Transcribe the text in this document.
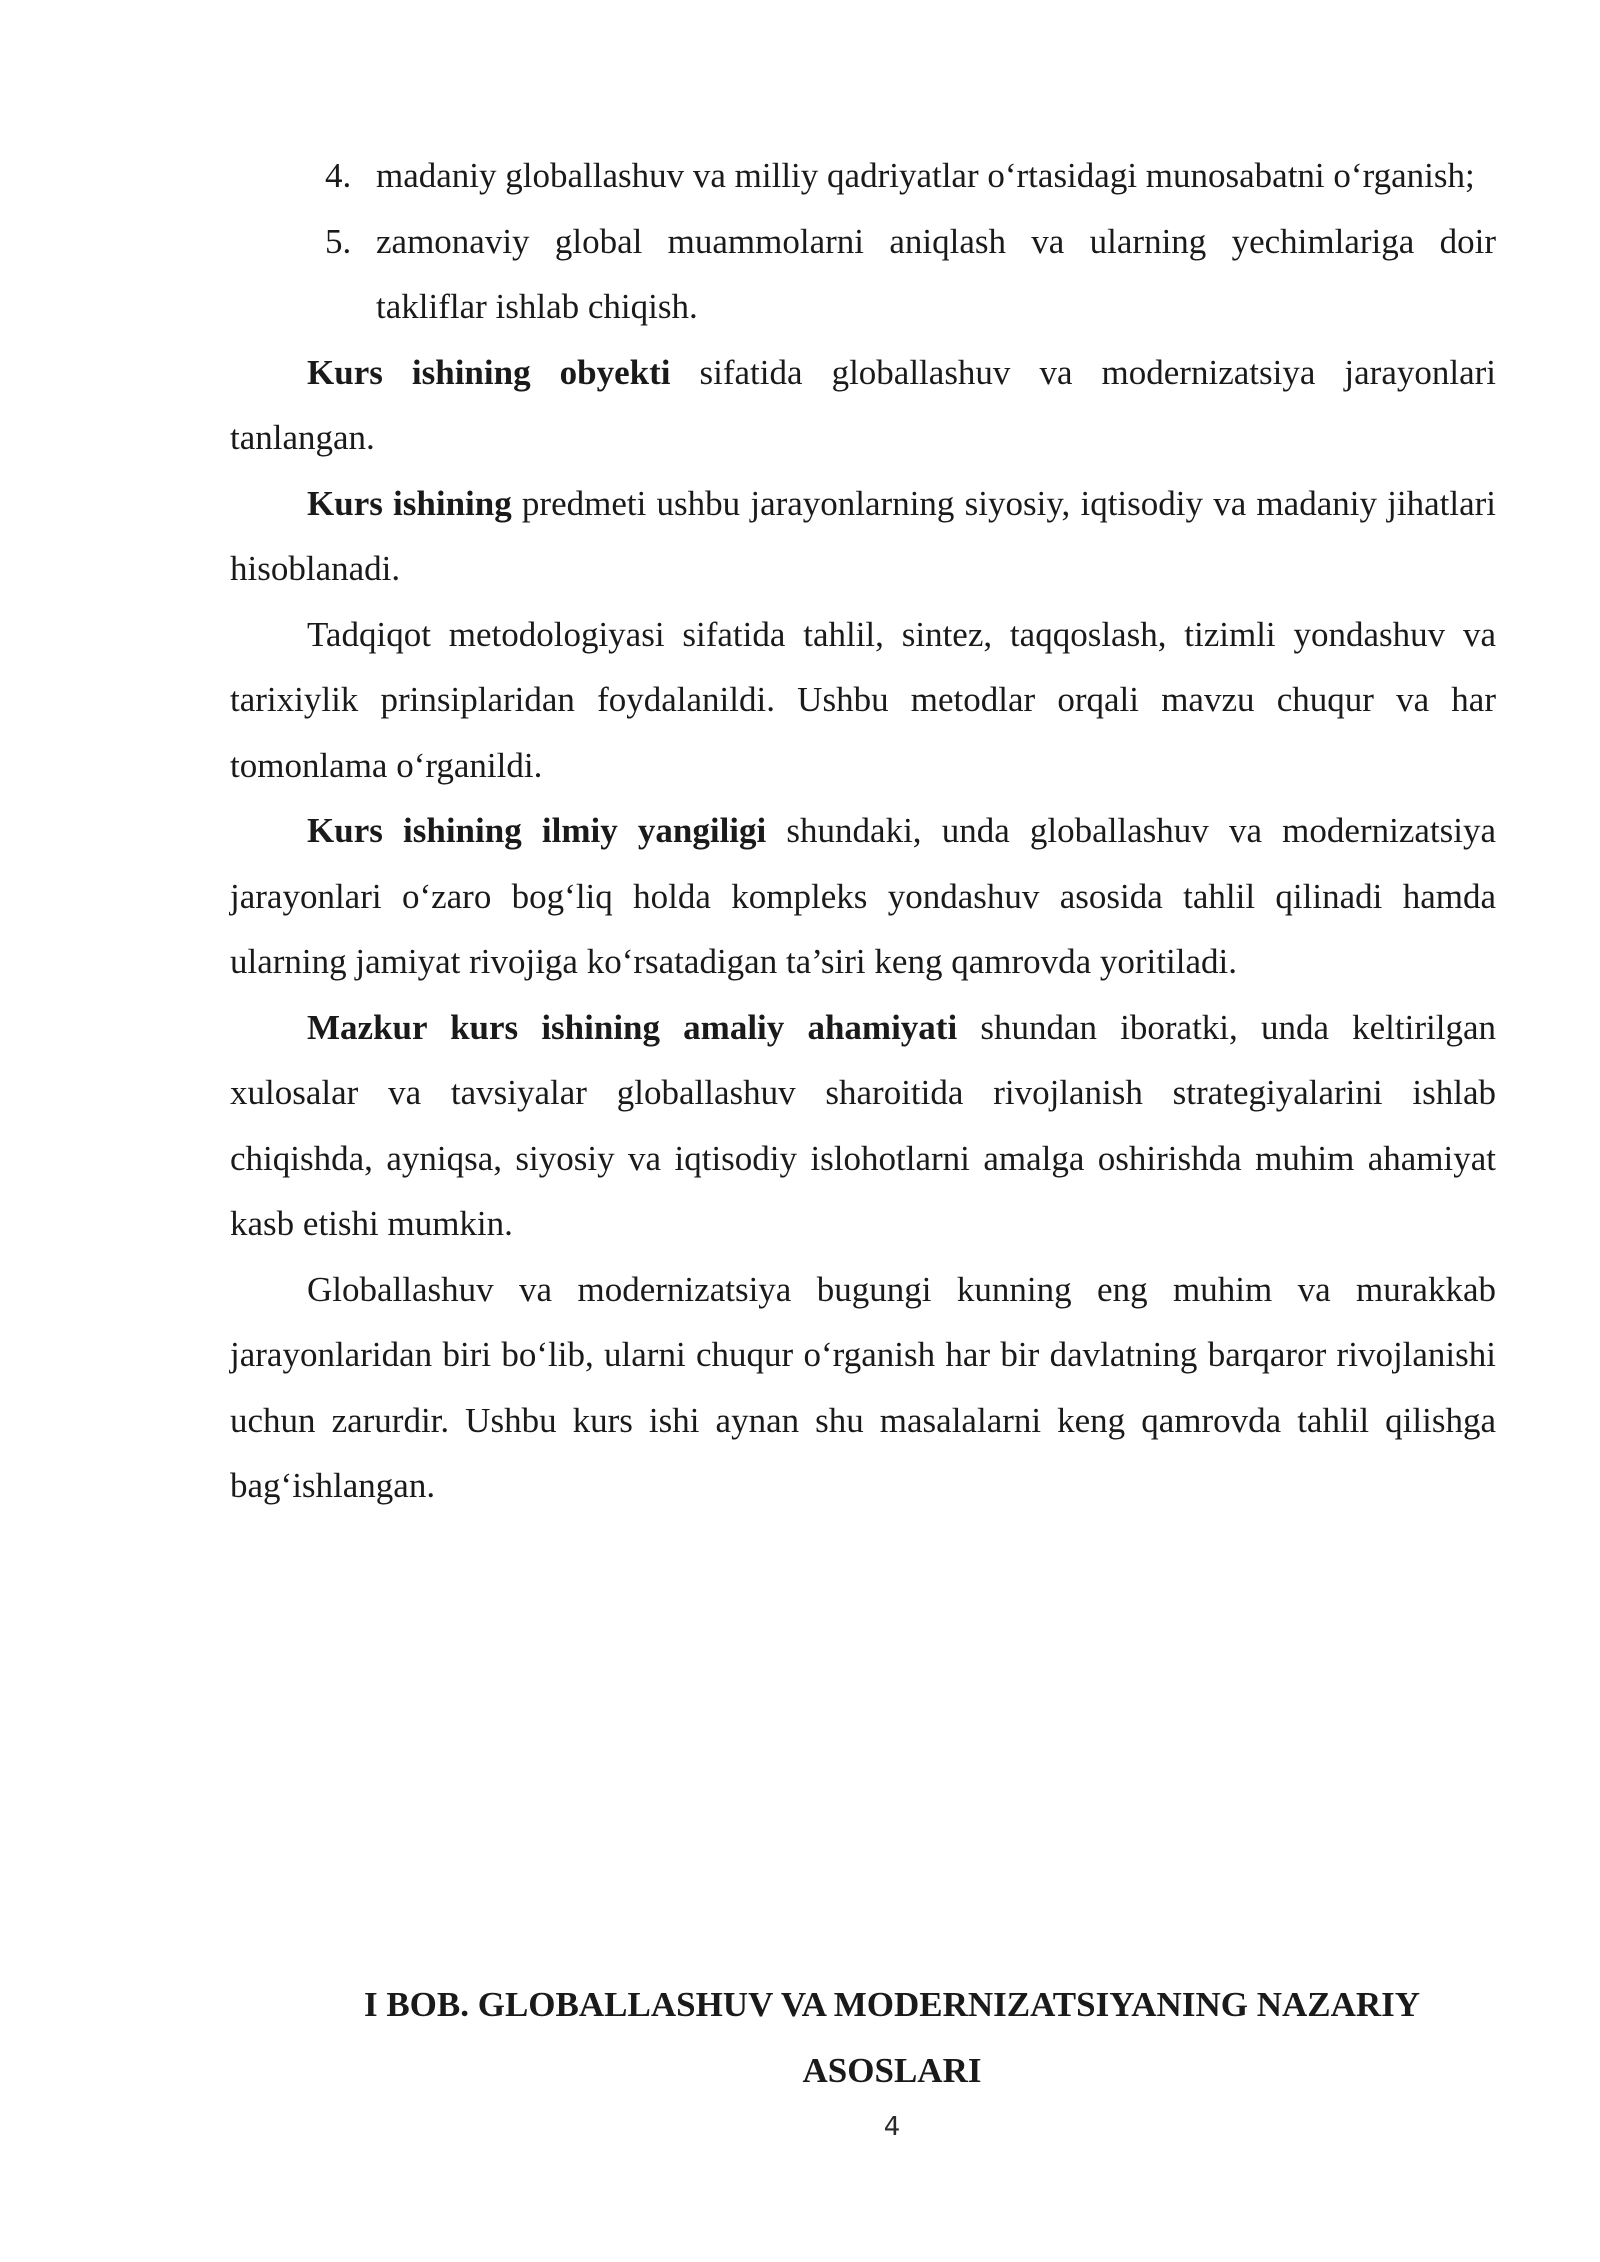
4. madaniy globallashuv va milliy qadriyatlar o‘rtasidagi munosabatni o‘rganish;
5. zamonaviy global muammolarni aniqlash va ularning yechimlariga doir takliflar ishlab chiqish.

Kurs ishining obyekti sifatida globallashuv va modernizatsiya jarayonlari tanlangan.

Kurs ishining predmeti ushbu jarayonlarning siyosiy, iqtisodiy va madaniy jihatlari hisoblanadi.

Tadqiqot metodologiyasi sifatida tahlil, sintez, taqqoslash, tizimli yondashuv va tarixiylik prinsiplaridan foydalanildi. Ushbu metodlar orqali mavzu chuqur va har tomonlama o‘rganildi.

Kurs ishining ilmiy yangiligi shundaki, unda globallashuv va modernizatsiya jarayonlari o‘zaro bog‘liq holda kompleks yondashuv asosida tahlil qilinadi hamda ularning jamiyat rivojiga ko‘rsatadigan ta’siri keng qamrovda yoritiladi.

Mazkur kurs ishining amaliy ahamiyati shundan iboratki, unda keltirilgan xulosalar va tavsiyalar globallashuv sharoitida rivojlanish strategiyalarini ishlab chiqishda, ayniqsa, siyosiy va iqtisodiy islohotlarni amalga oshirishda muhim ahamiyat kasb etishi mumkin.

Globallashuv va modernizatsiya bugungi kunning eng muhim va murakkab jarayonlaridan biri bo‘lib, ularni chuqur o‘rganish har bir davlatning barqaror rivojlanishi uchun zarurdir. Ushbu kurs ishi aynan shu masalalarni keng qamrovda tahlil qilishga bag‘ishlangan.

I BOB. GLOBALLASHUV VA MODERNIZATSIYANING NAZARIY
ASOSLARI
4
